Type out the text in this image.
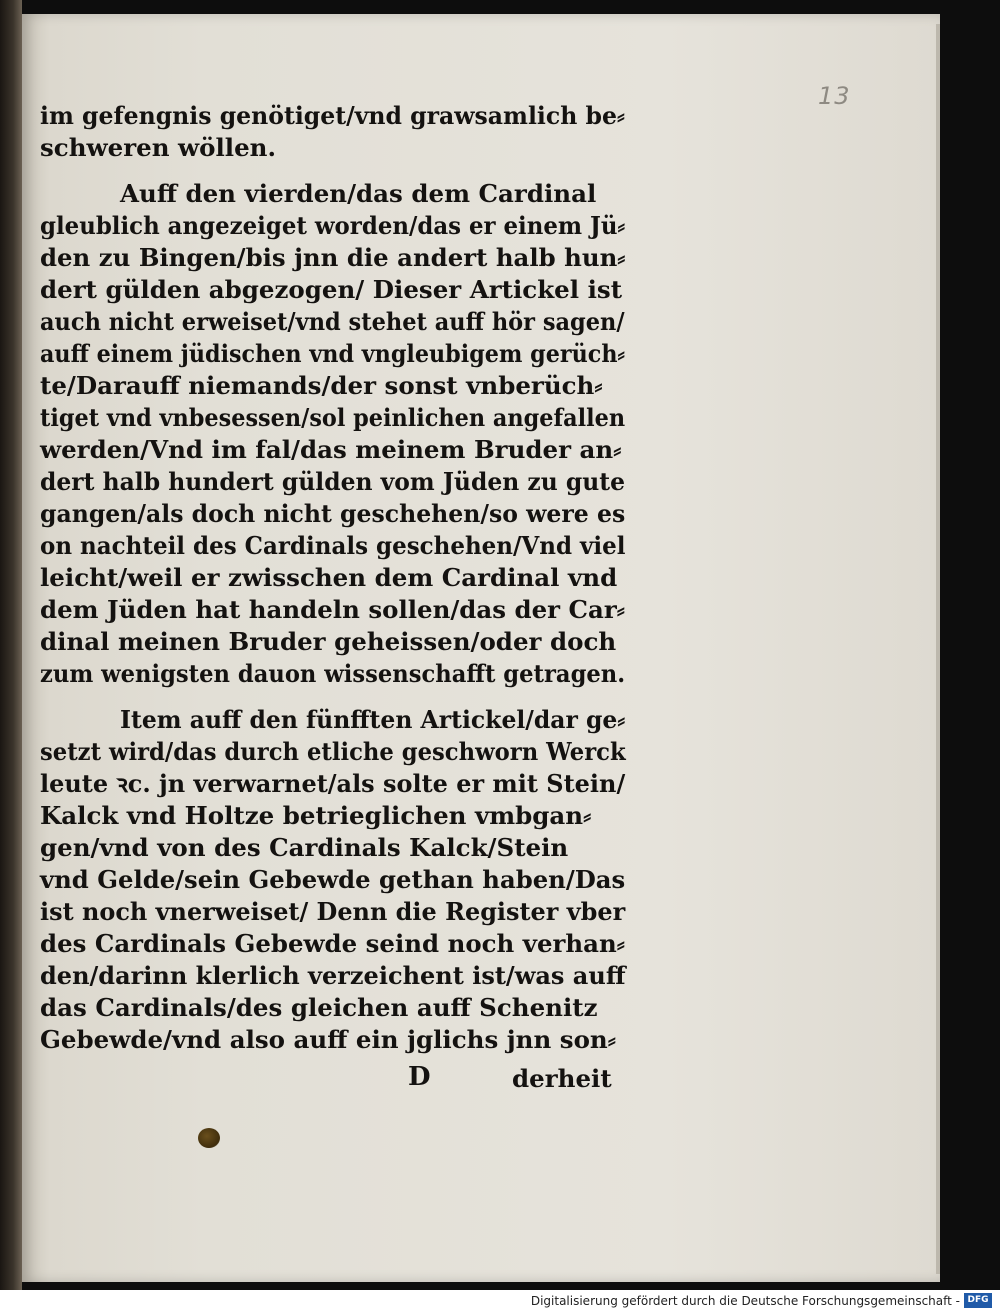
13
im gefengnis genötiget/vnd grawsamlich be⸗
schweren wöllen.
Auff den vierden/das dem Cardinal
gleublich angezeiget worden/das er einem Jü⸗
den zu Bingen/bis jnn die andert halb hun⸗
dert gülden abgezogen/ Dieser Artickel ist
auch nicht erweiset/vnd stehet auff hör sagen/
auff einem jüdischen vnd vngleubigem gerüch⸗
te/Darauff niemands/der sonst vnberüch⸗
tiget vnd vnbesessen/sol peinlichen angefallen
werden/Vnd im fal/das meinem Bruder an⸗
dert halb hundert gülden vom Jüden zu gute
gangen/als doch nicht geschehen/so were es
on nachteil des Cardinals geschehen/Vnd viel
leicht/weil er zwisschen dem Cardinal vnd
dem Jüden hat handeln sollen/das der Car⸗
dinal meinen Bruder geheissen/oder doch
zum wenigsten dauon wissenschafft getragen.
Item auff den fünfften Artickel/dar ge⸗
setzt wird/das durch etliche geschworn Werck
leute ꝛc. jn verwarnet/als solte er mit Stein/
Kalck vnd Holtze betrieglichen vmbgan⸗
gen/vnd von des Cardinals Kalck/Stein
vnd Gelde/sein Gebewde gethan haben/Das
ist noch vnerweiset/ Denn die Register vber
des Cardinals Gebewde seind noch verhan⸗
den/darinn klerlich verzeichent ist/was auff
das Cardinals/des gleichen auff Schenitz
Gebewde/vnd also auff ein jglichs jnn son⸗
D	derheit
Digitalisierung gefördert durch die Deutsche Forschungsgemeinschaft - DFG
